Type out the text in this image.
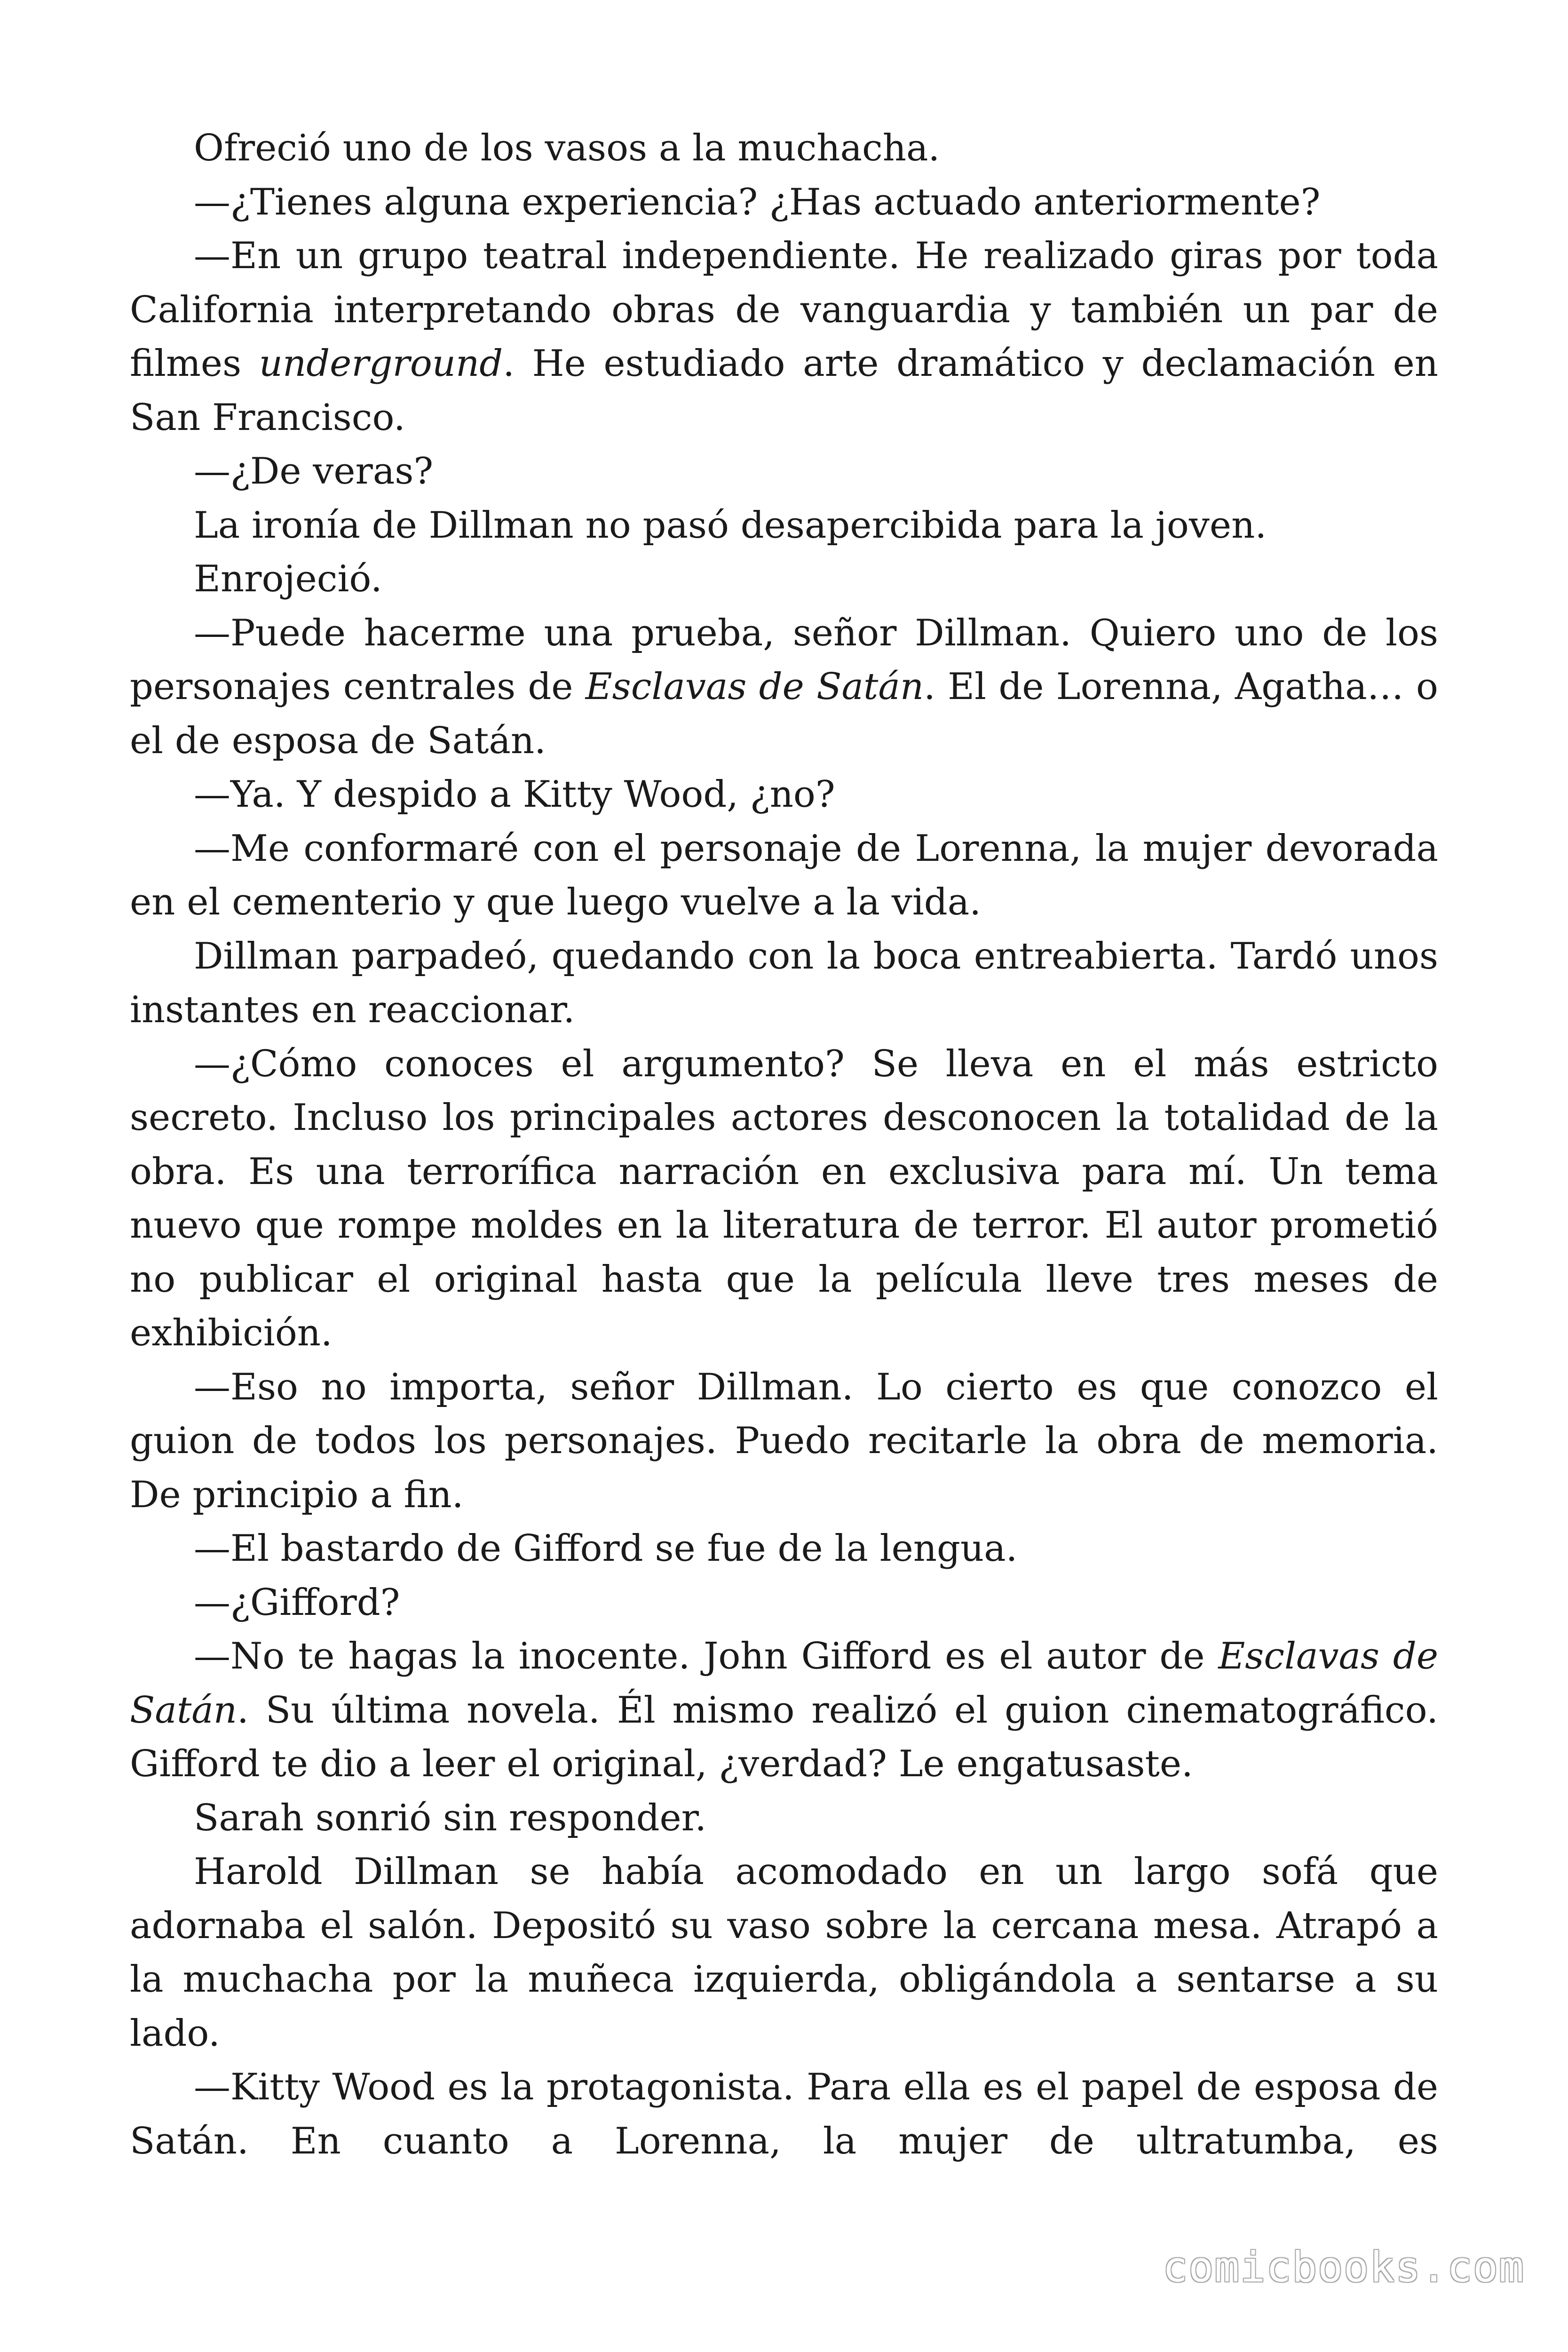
Ofreció uno de los vasos a la muchacha.

—¿Tienes alguna experiencia? ¿Has actuado anteriormente?

—En un grupo teatral independiente. He realizado giras por toda California interpretando obras de vanguardia y también un par de filmes underground. He estudiado arte dramático y declamación en San Francisco.

—¿De veras?

La ironía de Dillman no pasó desapercibida para la joven.

Enrojeció.

—Puede hacerme una prueba, señor Dillman. Quiero uno de los personajes centrales de Esclavas de Satán. El de Lorenna, Agatha… o el de esposa de Satán.

—Ya. Y despido a Kitty Wood, ¿no?

—Me conformaré con el personaje de Lorenna, la mujer devorada en el cementerio y que luego vuelve a la vida.

Dillman parpadeó, quedando con la boca entreabierta. Tardó unos instantes en reaccionar.

—¿Cómo conoces el argumento? Se lleva en el más estricto secreto. Incluso los principales actores desconocen la totalidad de la obra. Es una terrorífica narración en exclusiva para mí. Un tema nuevo que rompe moldes en la literatura de terror. El autor prometió no publicar el original hasta que la película lleve tres meses de exhibición.

—Eso no importa, señor Dillman. Lo cierto es que conozco el guion de todos los personajes. Puedo recitarle la obra de memoria. De principio a fin.

—El bastardo de Gifford se fue de la lengua.

—¿Gifford?

—No te hagas la inocente. John Gifford es el autor de Esclavas de Satán. Su última novela. Él mismo realizó el guion cinematográfico. Gifford te dio a leer el original, ¿verdad? Le engatusaste.

Sarah sonrió sin responder.

Harold Dillman se había acomodado en un largo sofá que adornaba el salón. Depositó su vaso sobre la cercana mesa. Atrapó a la muchacha por la muñeca izquierda, obligándola a sentarse a su lado.

—Kitty Wood es la protagonista. Para ella es el papel de esposa de Satán. En cuanto a Lorenna, la mujer de ultratumba, es

comicbooks.com
